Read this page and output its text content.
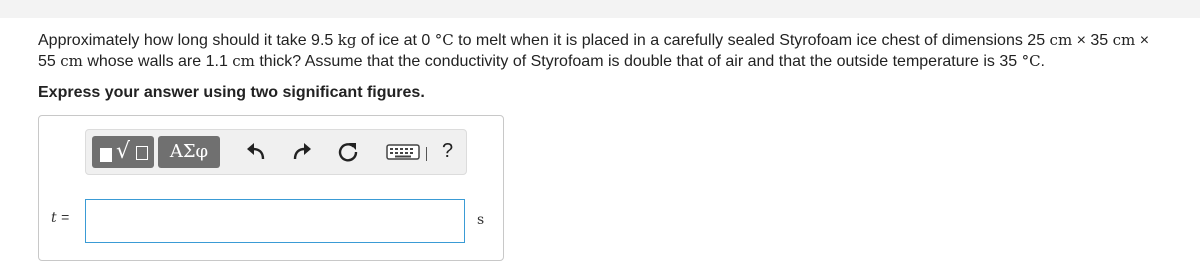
Approximately how long should it take 9.5 kg of ice at 0 °C to melt when it is placed in a carefully sealed Styrofoam ice chest of dimensions 25 cm × 35 cm × 55 cm whose walls are 1.1 cm thick? Assume that the conductivity of Styrofoam is double that of air and that the outside temperature is 35 °C.
Express your answer using two significant figures.
√	ΑΣφ	?
t =	s
